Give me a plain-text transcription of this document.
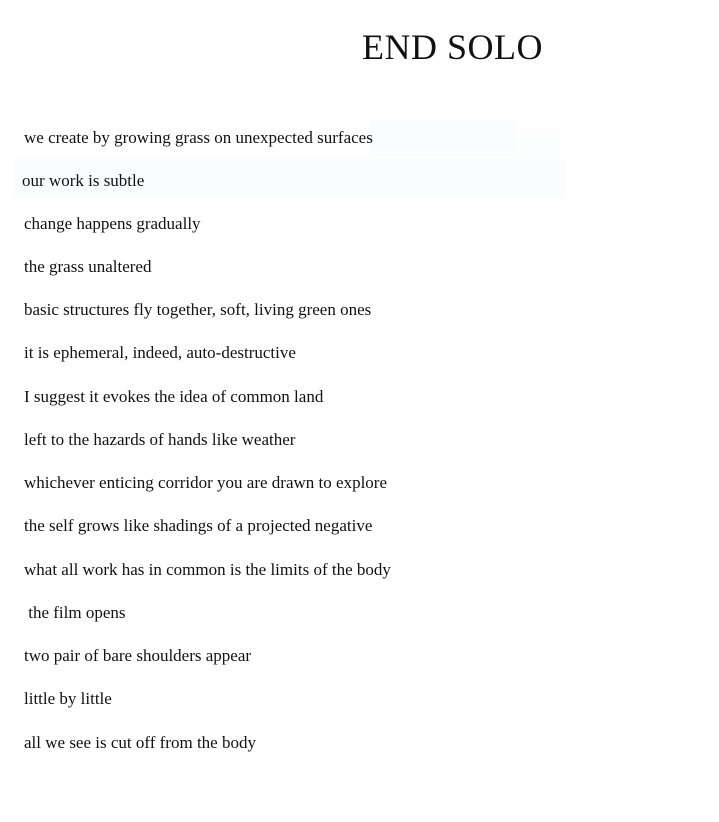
END SOLO
we create by growing grass on unexpected surfaces
our work is subtle
change happens gradually
the grass unaltered
basic structures fly together, soft, living green ones
it is ephemeral, indeed, auto-destructive
I suggest it evokes the idea of common land
left to the hazards of hands like weather
whichever enticing corridor you are drawn to explore
the self grows like shadings of a projected negative
what all work has in common is the limits of the body
the film opens
two pair of bare shoulders appear
little by little
all we see is cut off from the body
